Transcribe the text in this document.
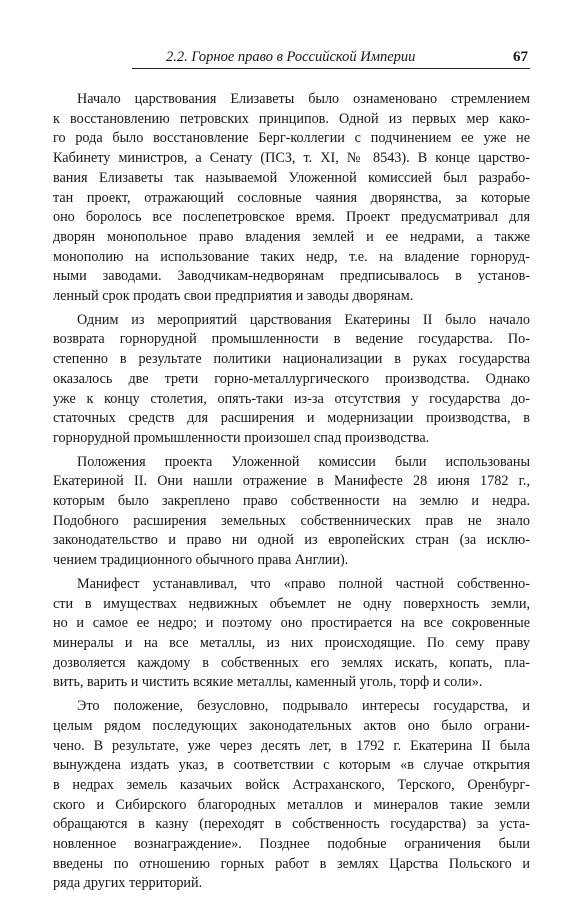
2.2. Горное право в Российской Империи	67
Начало царствования Елизаветы было ознаменовано стремлением
к восстановлению петровских принципов. Одной из первых мер како-
го рода было восстановление Берг-коллегии с подчинением ее уже не
Кабинету министров, а Сенату (ПСЗ, т. XI, № 8543). В конце царство-
вания Елизаветы так называемой Уложенной комиссией был разрабо-
тан проект, отражающий сословные чаяния дворянства, за которые
оно боролось все послепетровское время. Проект предусматривал для
дворян монопольное право владения землей и ее недрами, а также
монополию на использование таких недр, т.е. на владение горноруд-
ными заводами. Заводчикам-недворянам предписывалось в установ-
ленный срок продать свои предприятия и заводы дворянам.
Одним из мероприятий царствования Екатерины II было начало
возврата горнорудной промышленности в ведение государства. По-
степенно в результате политики национализации в руках государства
оказалось две трети горно-металлургического производства. Однако
уже к концу столетия, опять-таки из-за отсутствия у государства до-
статочных средств для расширения и модернизации производства, в
горнорудной промышленности произошел спад производства.
Положения проекта Уложенной комиссии были использованы
Екатериной II. Они нашли отражение в Манифесте 28 июня 1782 г.,
которым было закреплено право собственности на землю и недра.
Подобного расширения земельных собственнических прав не знало
законодательство и право ни одной из европейских стран (за исклю-
чением традиционного обычного права Англии).
Манифест устанавливал, что «право полной частной собственно-
сти в имуществах недвижных объемлет не одну поверхность земли,
но и самое ее недро; и поэтому оно простирается на все сокровенные
минералы и на все металлы, из них происходящие. По сему праву
дозволяется каждому в собственных его землях искать, копать, пла-
вить, варить и чистить всякие металлы, каменный уголь, торф и соли».
Это положение, безусловно, подрывало интересы государства, и
целым рядом последующих законодательных актов оно было ограни-
чено. В результате, уже через десять лет, в 1792 г. Екатерина II была
вынуждена издать указ, в соответствии с которым «в случае открытия
в недрах земель казачьих войск Астраханского, Терского, Оренбург-
ского и Сибирского благородных металлов и минералов такие земли
обращаются в казну (переходят в собственность государства) за уста-
новленное вознаграждение». Позднее подобные ограничения были
введены по отношению горных работ в землях Царства Польского и
ряда других территорий.
